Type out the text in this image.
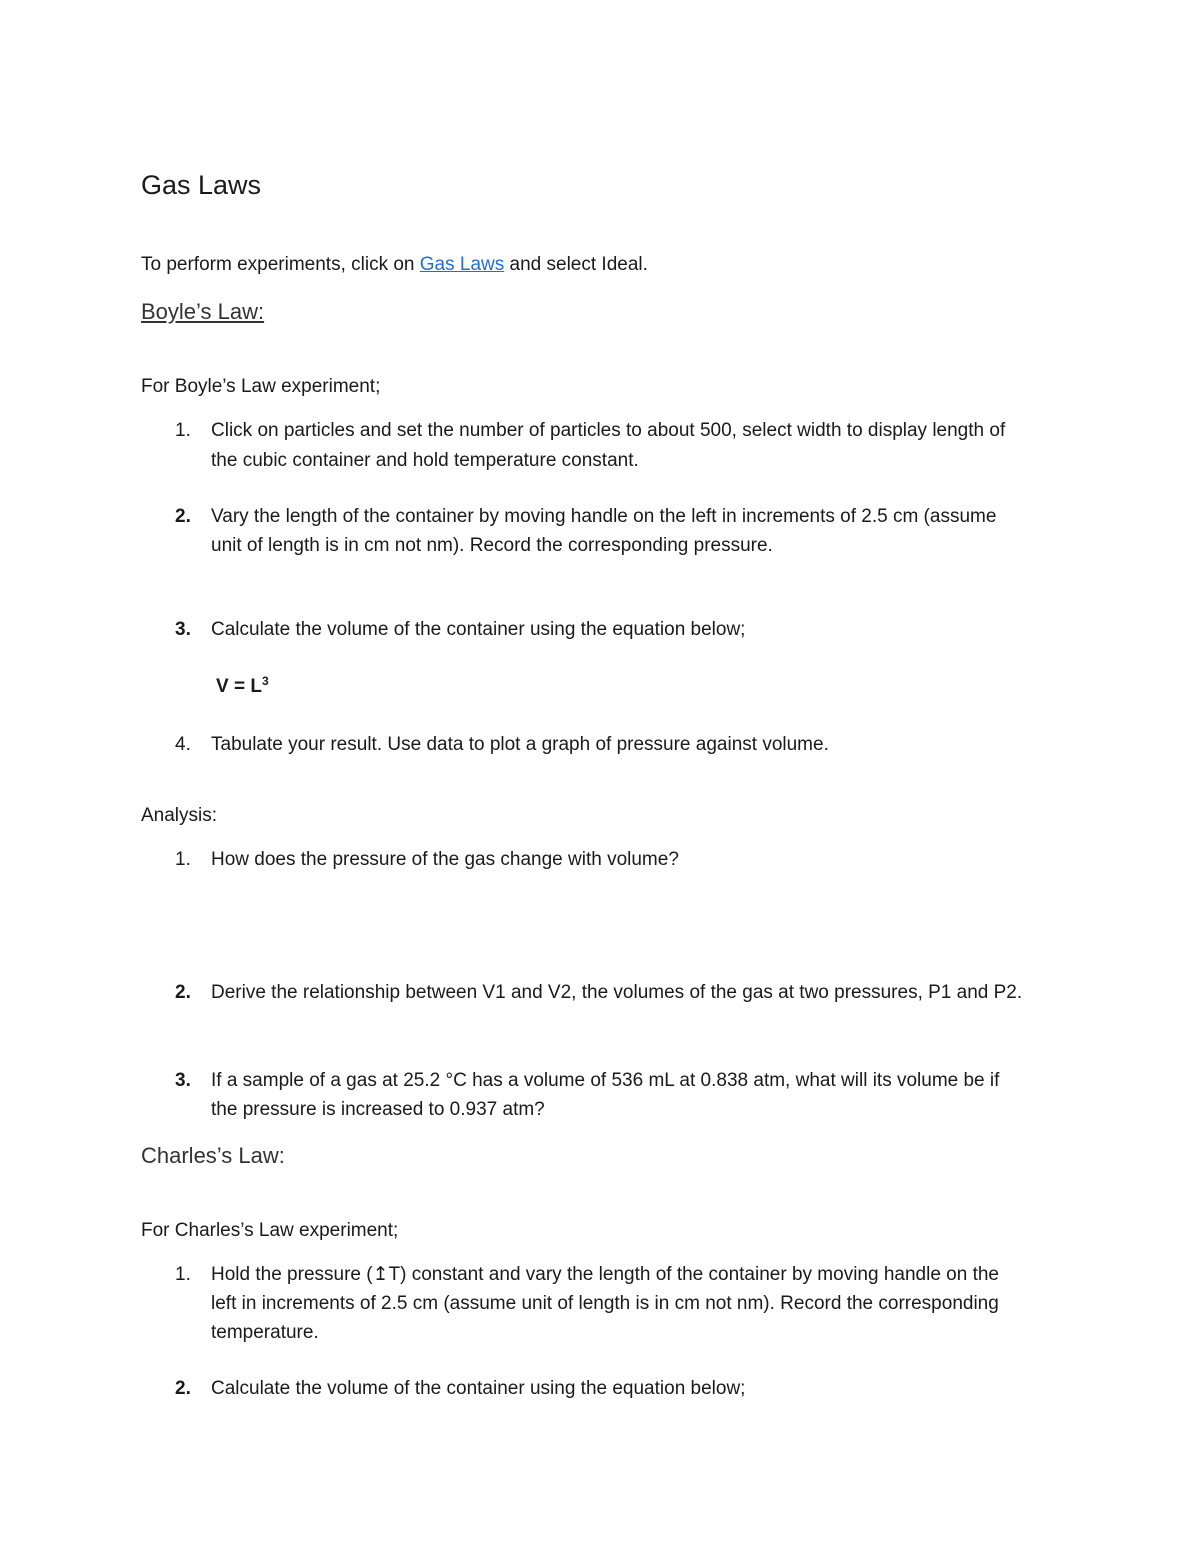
Gas Laws
To perform experiments, click on Gas Laws and select Ideal.
Boyle’s Law:
For Boyle’s Law experiment;
1.	Click on particles and set the number of particles to about 500, select width to display length of
the cubic container and hold temperature constant.
2.	Vary the length of the container by moving handle on the left in increments of 2.5 cm (assume
unit of length is in cm not nm). Record the corresponding pressure.
3.	Calculate the volume of the container using the equation below;
$V = L^3$
4.	Tabulate your result. Use data to plot a graph of pressure against volume.
Analysis:
1.	How does the pressure of the gas change with volume?
2.	Derive the relationship between V1 and V2, the volumes of the gas at two pressures, P1 and P2.
3.	If a sample of a gas at 25.2 °C has a volume of 536 mL at 0.838 atm, what will its volume be if
the pressure is increased to 0.937 atm?
Charles’s Law:
For Charles’s Law experiment;
1.	Hold the pressure (↥T) constant and vary the length of the container by moving handle on the
left in increments of 2.5 cm (assume unit of length is in cm not nm). Record the corresponding
temperature.
2.	Calculate the volume of the container using the equation below;
